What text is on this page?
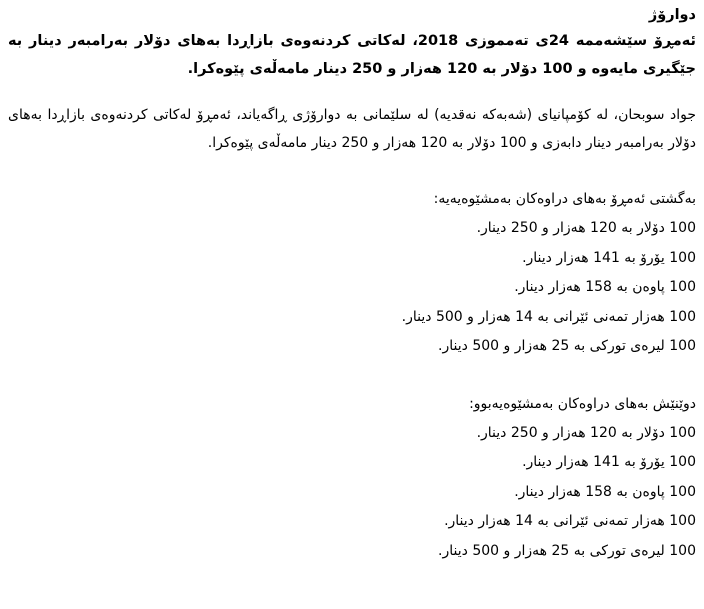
دوارۆژ

ئەمڕۆ سێشەممە 24ی تەمموزی 2018، لەکاتی کردنەوەی بازاڕدا بەهای دۆلار بەرامبەر دینار بە جێگیری مایەوە و 100 دۆلار بە 120 هەزار و 250 دینار مامەڵەی پێوەکرا.

جواد سوبحان، لە کۆمپانیای (شەبەکە نەقدیە) لە سلێمانی بە دوارۆژی ڕاگەیاند، ئەمڕۆ لەکاتی کردنەوەی بازاڕدا بەهای دۆلار بەرامبەر دینار دابەزی و 100 دۆلار بە 120 هەزار و 250 دینار مامەڵەی پێوەکرا.

بەگشتی ئەمڕۆ بەهای دراوەکان بەمشێوەیەیە:

100 دۆلار بە 120 هەزار و 250 دینار.
100 یۆرۆ بە 141 هەزار دینار.
100 پاوەن بە 158 هەزار دینار.
100 هەزار تمەنی ئێرانی بە 14 هەزار و 500 دینار.
100 لیرەی تورکی بە 25 هەزار و 500 دینار.

دوێنێش بەهای دراوەکان بەمشێوەیەبوو:

100 دۆلار بە 120 هەزار و 250 دینار.
100 یۆرۆ بە 141 هەزار دینار.
100 پاوەن بە 158 هەزار دینار.
100 هەزار تمەنی ئێرانی بە 14 هەزار دینار.
100 لیرەی تورکی بە 25 هەزار و 500 دینار.
